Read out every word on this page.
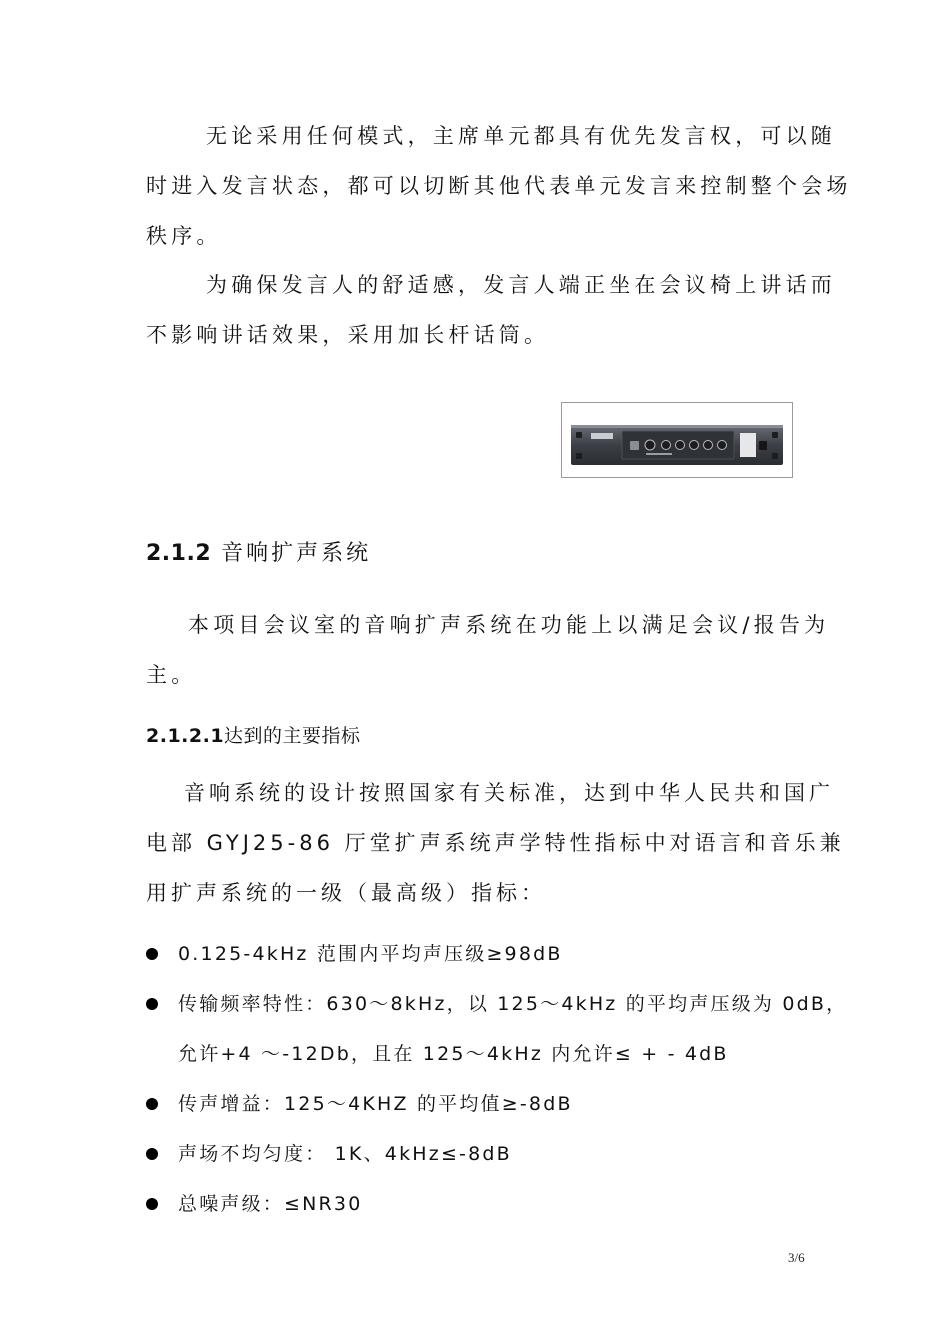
无论采用任何模式，主席单元都具有优先发言权，可以随时进入发言状态，都可以切断其他代表单元发言来控制整个会场秩序。

为确保发言人的舒适感，发言人端正坐在会议椅上讲话而不影响讲话效果，采用加长杆话筒。

2.1.2 音响扩声系统

本项目会议室的音响扩声系统在功能上以满足会议/报告为主。

2.1.2.1达到的主要指标

音响系统的设计按照国家有关标准，达到中华人民共和国广电部 GYJ25-86 厅堂扩声系统声学特性指标中对语言和音乐兼用扩声系统的一级（最高级）指标：

0.125-4kHz 范围内平均声压级≥98dB
传输频率特性：630～8kHz，以 125～4kHz 的平均声压级为 0dB，允许+4 ～-12Db，且在 125～4kHz 内允许≤ + - 4dB
传声增益：125～4KHZ 的平均值≥-8dB
声场不均匀度： 1K、4kHz≤-8dB
总噪声级：≤NR30
3/6
